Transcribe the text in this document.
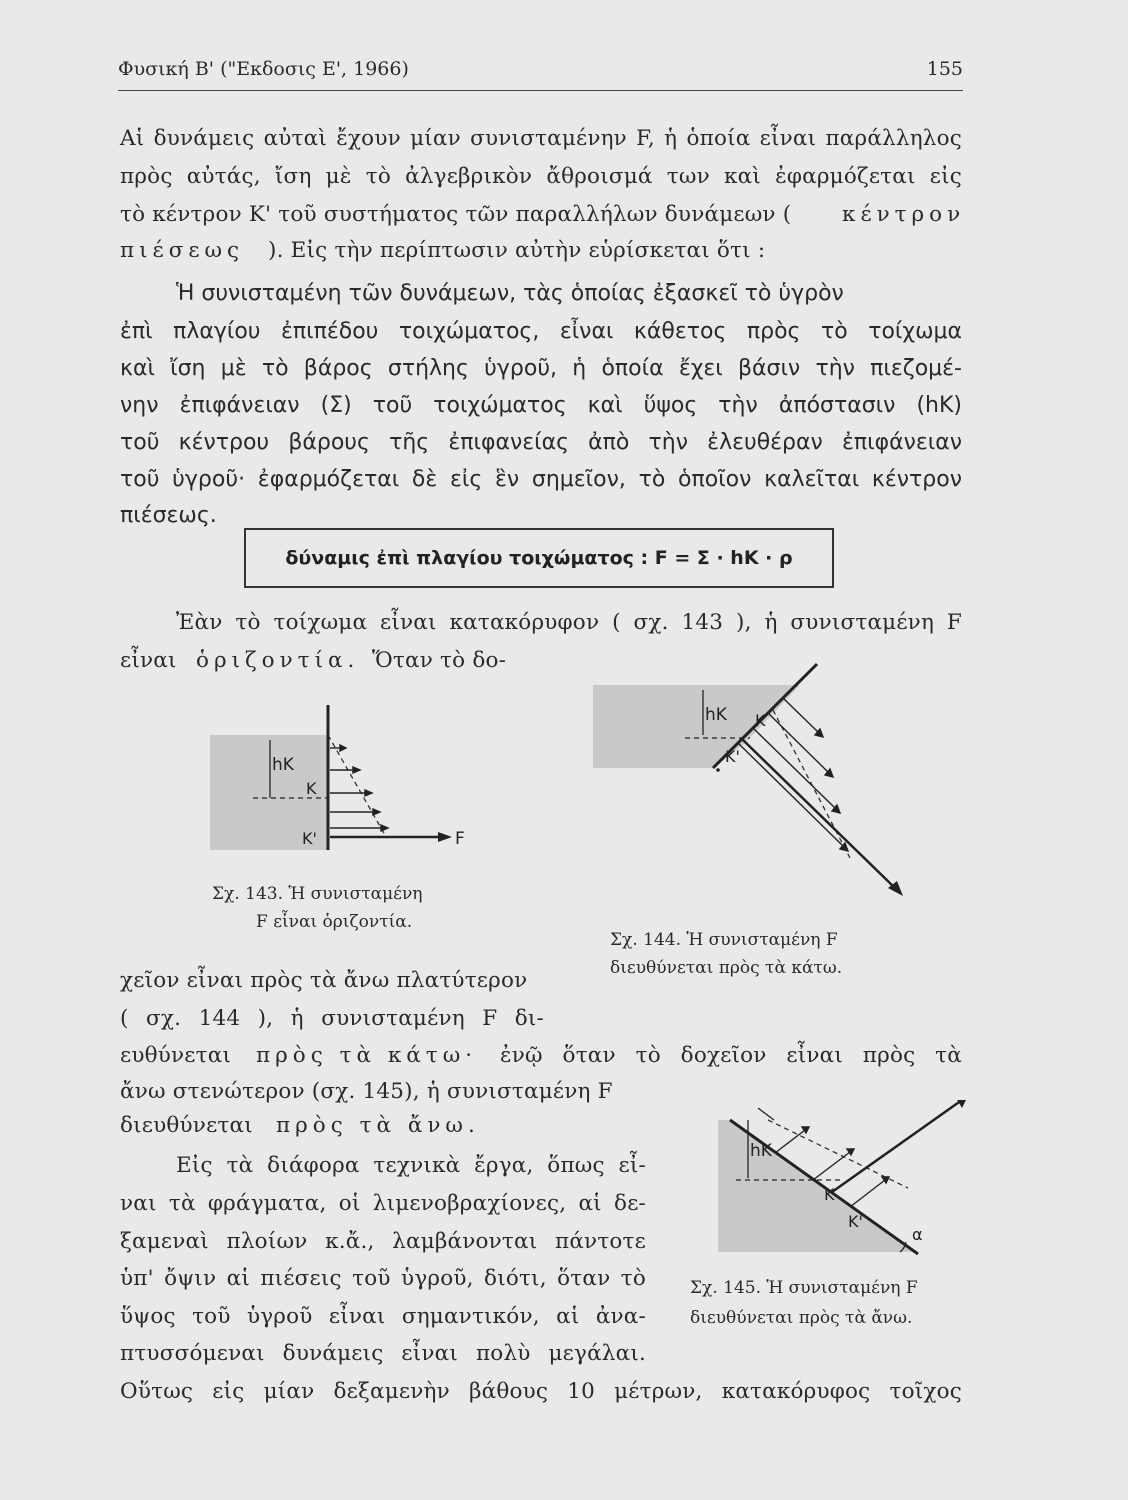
Φυσική Β' ("Εκδοσις Ε', 1966)	155
Αἱ δυνάμεις αὐταὶ ἔχουν μίαν συνισταμένην F, ἡ ὁποία εἶναι παράλληλος
πρὸς αὐτάς, ἴση μὲ τὸ ἀλγεβρικὸν ἄθροισμά των καὶ ἐφαρμόζεται εἰς
τὸ κέντρον Κ' τοῦ συστήματος τῶν παραλλήλων δυνάμεων ( κέντρον
πιέσεως ). Εἰς τὴν περίπτωσιν αὐτὴν εὑρίσκεται ὅτι :
Ἡ συνισταμένη τῶν δυνάμεων, τὰς ὁποίας ἐξασκεῖ τὸ ὑγρὸν
ἐπὶ πλαγίου ἐπιπέδου τοιχώματος, εἶναι κάθετος πρὸς τὸ τοίχωμα
καὶ ἴση μὲ τὸ βάρος στήλης ὑγροῦ, ἡ ὁποία ἔχει βάσιν τὴν πιεζομέ-
νην ἐπιφάνειαν (Σ) τοῦ τοιχώματος καὶ ὕψος τὴν ἀπόστασιν (hK)
τοῦ κέντρου βάρους τῆς ἐπιφανείας ἀπὸ τὴν ἐλευθέραν ἐπιφάνειαν
τοῦ ὑγροῦ· ἐφαρμόζεται δὲ εἰς ἓν σημεῖον, τὸ ὁποῖον καλεῖται κέντρον
πιέσεως.
δύναμις ἐπὶ πλαγίου τοιχώματος : F = Σ · hK · ρ
Ἐὰν τὸ τοίχωμα εἶναι κατακόρυφον ( σχ. 143 ), ἡ συνισταμένη F
εἶναι ὁριζοντία. Ὅταν τὸ δο-
hK
K
K'	F
Σχ. 143. Ἡ συνισταμένη
F εἶναι ὁριζοντία.
hK K
K'
Σχ. 144. Ἡ συνισταμένη F
διευθύνεται πρὸς τὰ κάτω.
χεῖον εἶναι πρὸς τὰ ἄνω πλατύτερον
( σχ. 144 ), ἡ συνισταμένη F δι-
ευθύνεται πρὸς τὰ κάτω· ἐνῷ ὅταν τὸ δοχεῖον εἶναι πρὸς τὰ
ἄνω στενώτερον (σχ. 145), ἡ συνισταμένη F
διευθύνεται πρὸς τὰ ἄνω.
Εἰς τὰ διάφορα τεχνικὰ ἔργα, ὅπως εἶ-
ναι τὰ φράγματα, οἱ λιμενοβραχίονες, αἱ δε-
ξαμεναὶ πλοίων κ.ἄ., λαμβάνονται πάντοτε
ὑπ' ὄψιν αἱ πιέσεις τοῦ ὑγροῦ, διότι, ὅταν τὸ
ὕψος τοῦ ὑγροῦ εἶναι σημαντικόν, αἱ ἀνα-
πτυσσόμεναι δυνάμεις εἶναι πολὺ μεγάλαι.
Οὕτως εἰς μίαν δεξαμενὴν βάθους 10 μέτρων, κατακόρυφος τοῖχος
hK
K
K'
α
Σχ. 145. Ἡ συνισταμένη F
διευθύνεται πρὸς τὰ ἄνω.
